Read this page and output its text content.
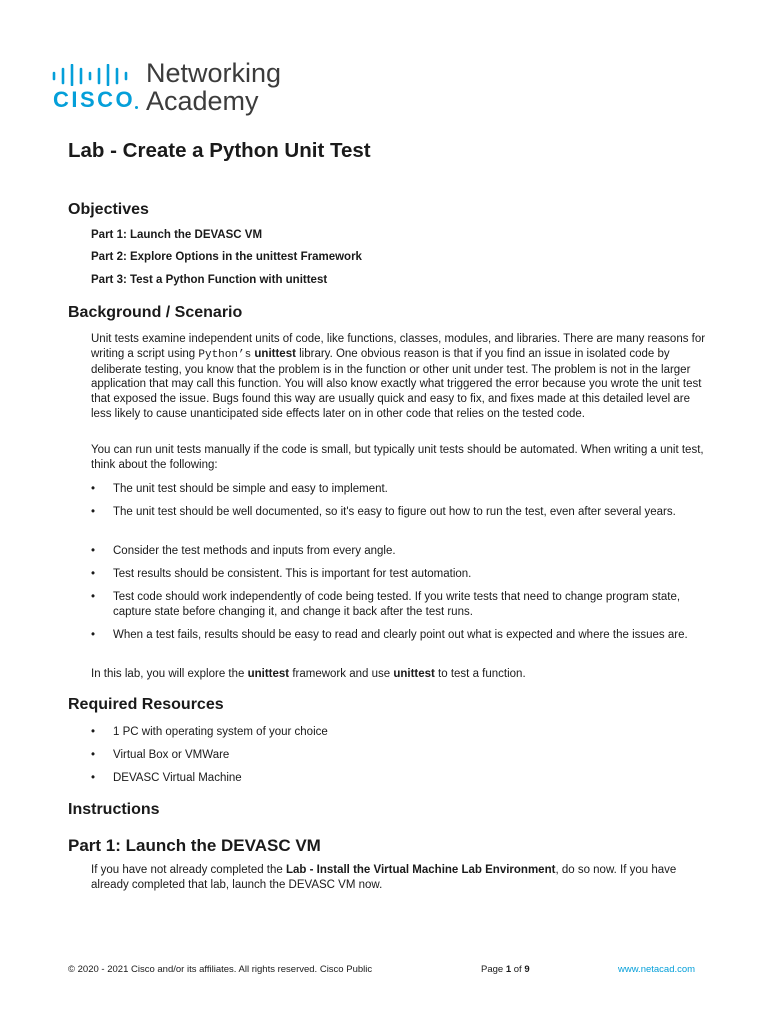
CISCO
Networking
Academy
Lab - Create a Python Unit Test
Objectives

Part 1: Launch the DEVASC VM

Part 2: Explore Options in the unittest Framework

Part 3: Test a Python Function with unittest

Background / Scenario

Unit tests examine independent units of code, like functions, classes, modules, and libraries. There are many reasons for writing a script using Python’s unittest library. One obvious reason is that if you find an issue in isolated code by deliberate testing, you know that the problem is in the function or other unit under test. The problem is not in the larger application that may call this function. You will also know exactly what triggered the error because you wrote the unit test that exposed the issue. Bugs found this way are usually quick and easy to fix, and fixes made at this detailed level are less likely to cause unanticipated side effects later on in other code that relies on the tested code.

You can run unit tests manually if the code is small, but typically unit tests should be automated. When writing a unit test, think about the following:

•	The unit test should be simple and easy to implement.
•	The unit test should be well documented, so it's easy to figure out how to run the test, even after several years.
•	Consider the test methods and inputs from every angle.
•	Test results should be consistent. This is important for test automation.
•	Test code should work independently of code being tested. If you write tests that need to change program state, capture state before changing it, and change it back after the test runs.
•	When a test fails, results should be easy to read and clearly point out what is expected and where the issues are.

In this lab, you will explore the unittest framework and use unittest to test a function.

Required Resources
•	1 PC with operating system of your choice
•	Virtual Box or VMWare
•	DEVASC Virtual Machine
Instructions
Part 1: Launch the DEVASC VM

If you have not already completed the Lab - Install the Virtual Machine Lab Environment, do so now. If you have already completed that lab, launch the DEVASC VM now.

© 2020 - 2021 Cisco and/or its affiliates. All rights reserved. Cisco Public	Page 1 of 9	www.netacad.com
